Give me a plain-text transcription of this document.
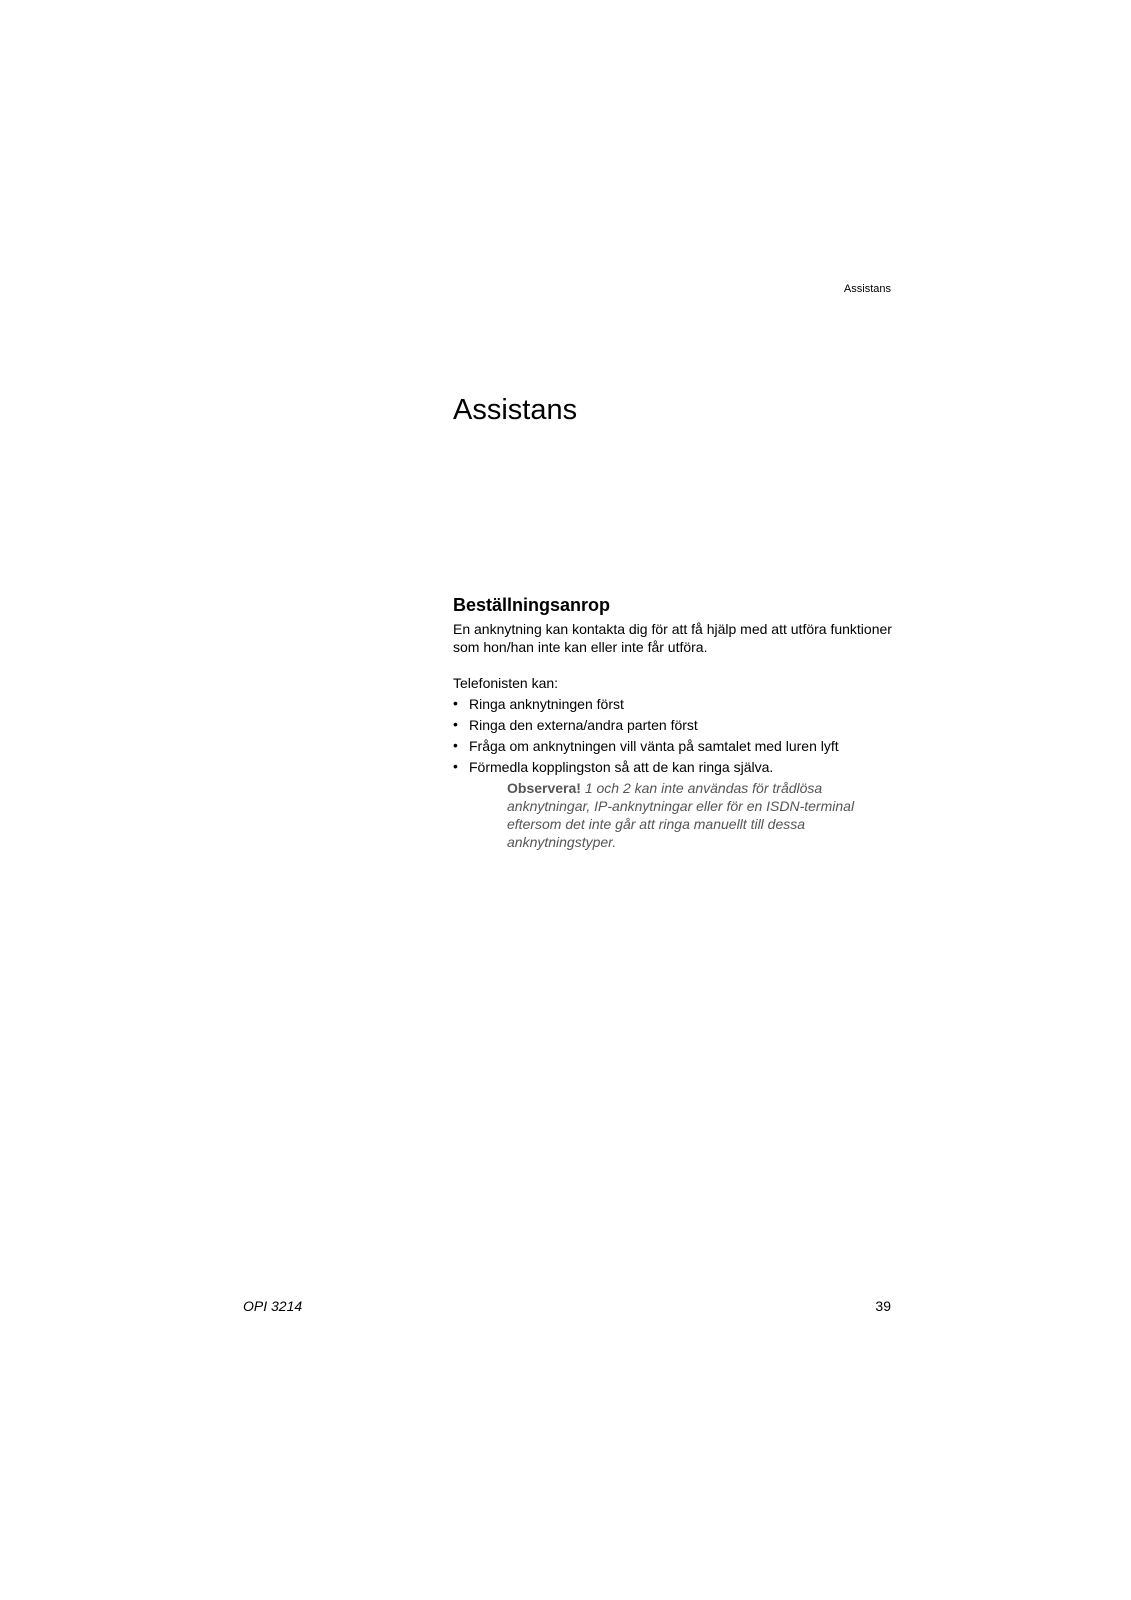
Assistans
Assistans
Beställningsanrop

En anknytning kan kontakta dig för att få hjälp med att utföra funktioner som hon/han inte kan eller inte får utföra.

Telefonisten kan:

• Ringa anknytningen först
• Ringa den externa/andra parten först
• Fråga om anknytningen vill vänta på samtalet med luren lyft
• Förmedla kopplingston så att de kan ringa själva.

Observera! 1 och 2 kan inte användas för trådlösa anknytningar, IP-anknytningar eller för en ISDN-terminal eftersom det inte går att ringa manuellt till dessa anknytningstyper.

OPI 3214	39
